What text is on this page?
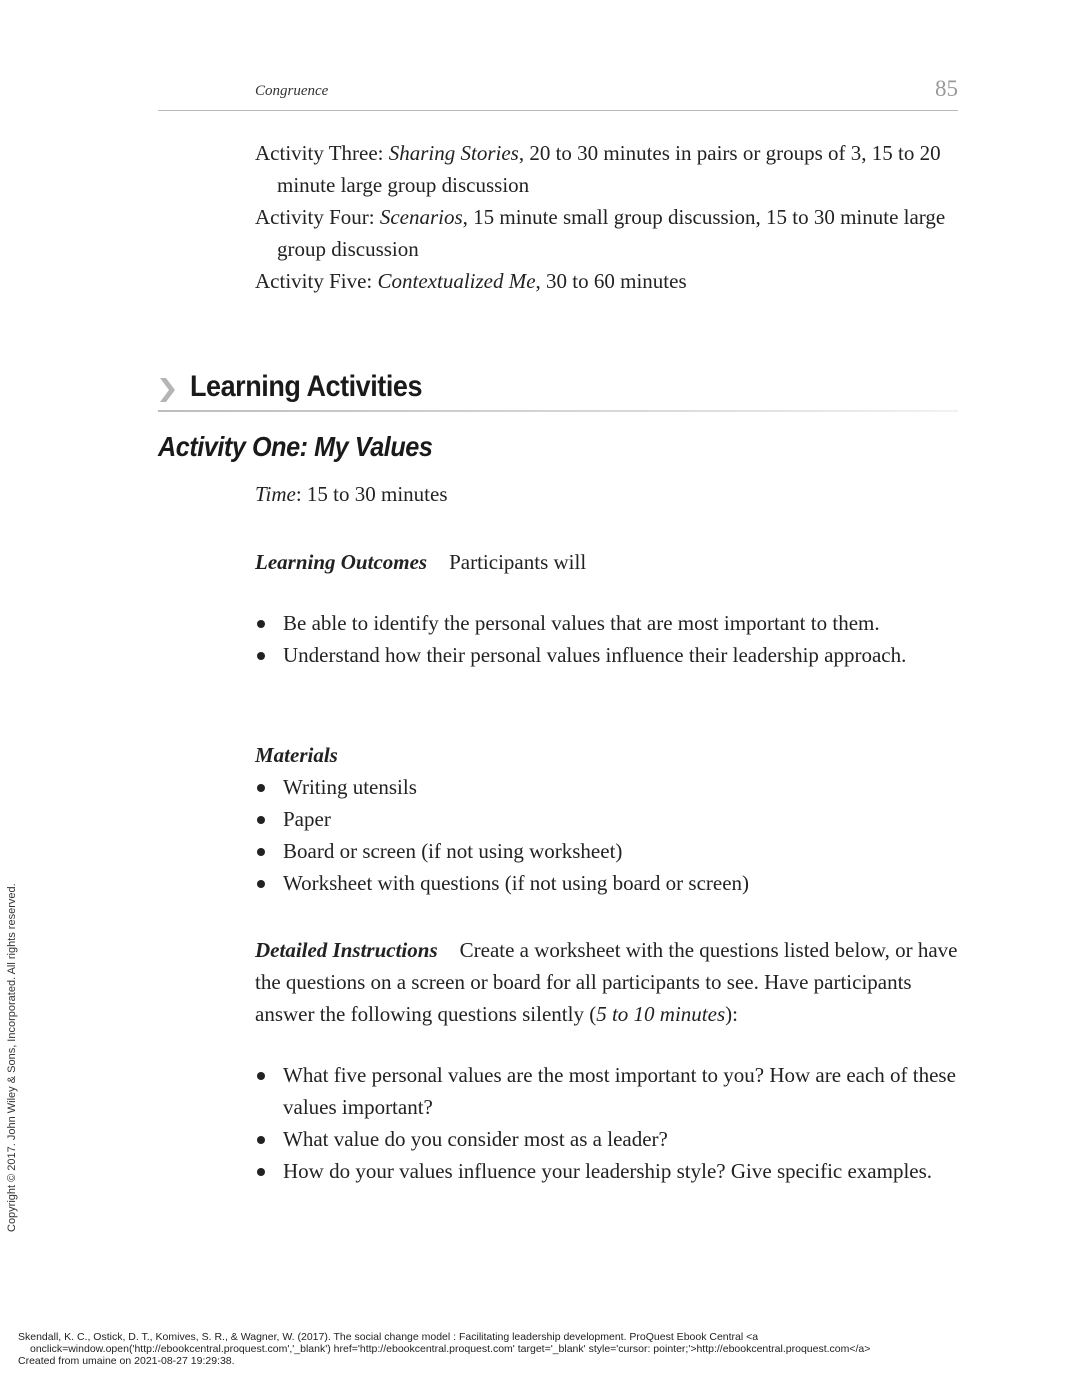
Congruence	85

Activity Three: Sharing Stories, 20 to 30 minutes in pairs or groups of 3, 15 to 20 minute large group discussion

Activity Four: Scenarios, 15 minute small group discussion, 15 to 30 minute large group discussion

Activity Five: Contextualized Me, 30 to 60 minutes

Learning Activities
Activity One: My Values
Time: 15 to 30 minutes
Learning Outcomes Participants will
Be able to identify the personal values that are most important to them.
Understand how their personal values influence their leadership approach.
Materials
Writing utensils
Paper
Board or screen (if not using worksheet)
Worksheet with questions (if not using board or screen)
Detailed Instructions Create a worksheet with the questions listed below, or have the questions on a screen or board for all participants to see. Have participants answer the following questions silently (5 to 10 minutes):
What five personal values are the most important to you? How are each of these values important?
What value do you consider most as a leader?
How do your values influence your leadership style? Give specific examples.
Copyright © 2017. John Wiley & Sons, Incorporated. All rights reserved.
Skendall, K. C., Ostick, D. T., Komives, S. R., & Wagner, W. (2017). The social change model : Facilitating leadership development. ProQuest Ebook Central <a
onclick=window.open('http://ebookcentral.proquest.com','_blank') href='http://ebookcentral.proquest.com' target='_blank' style='cursor: pointer;'>http://ebookcentral.proquest.com</a>
Created from umaine on 2021-08-27 19:29:38.
